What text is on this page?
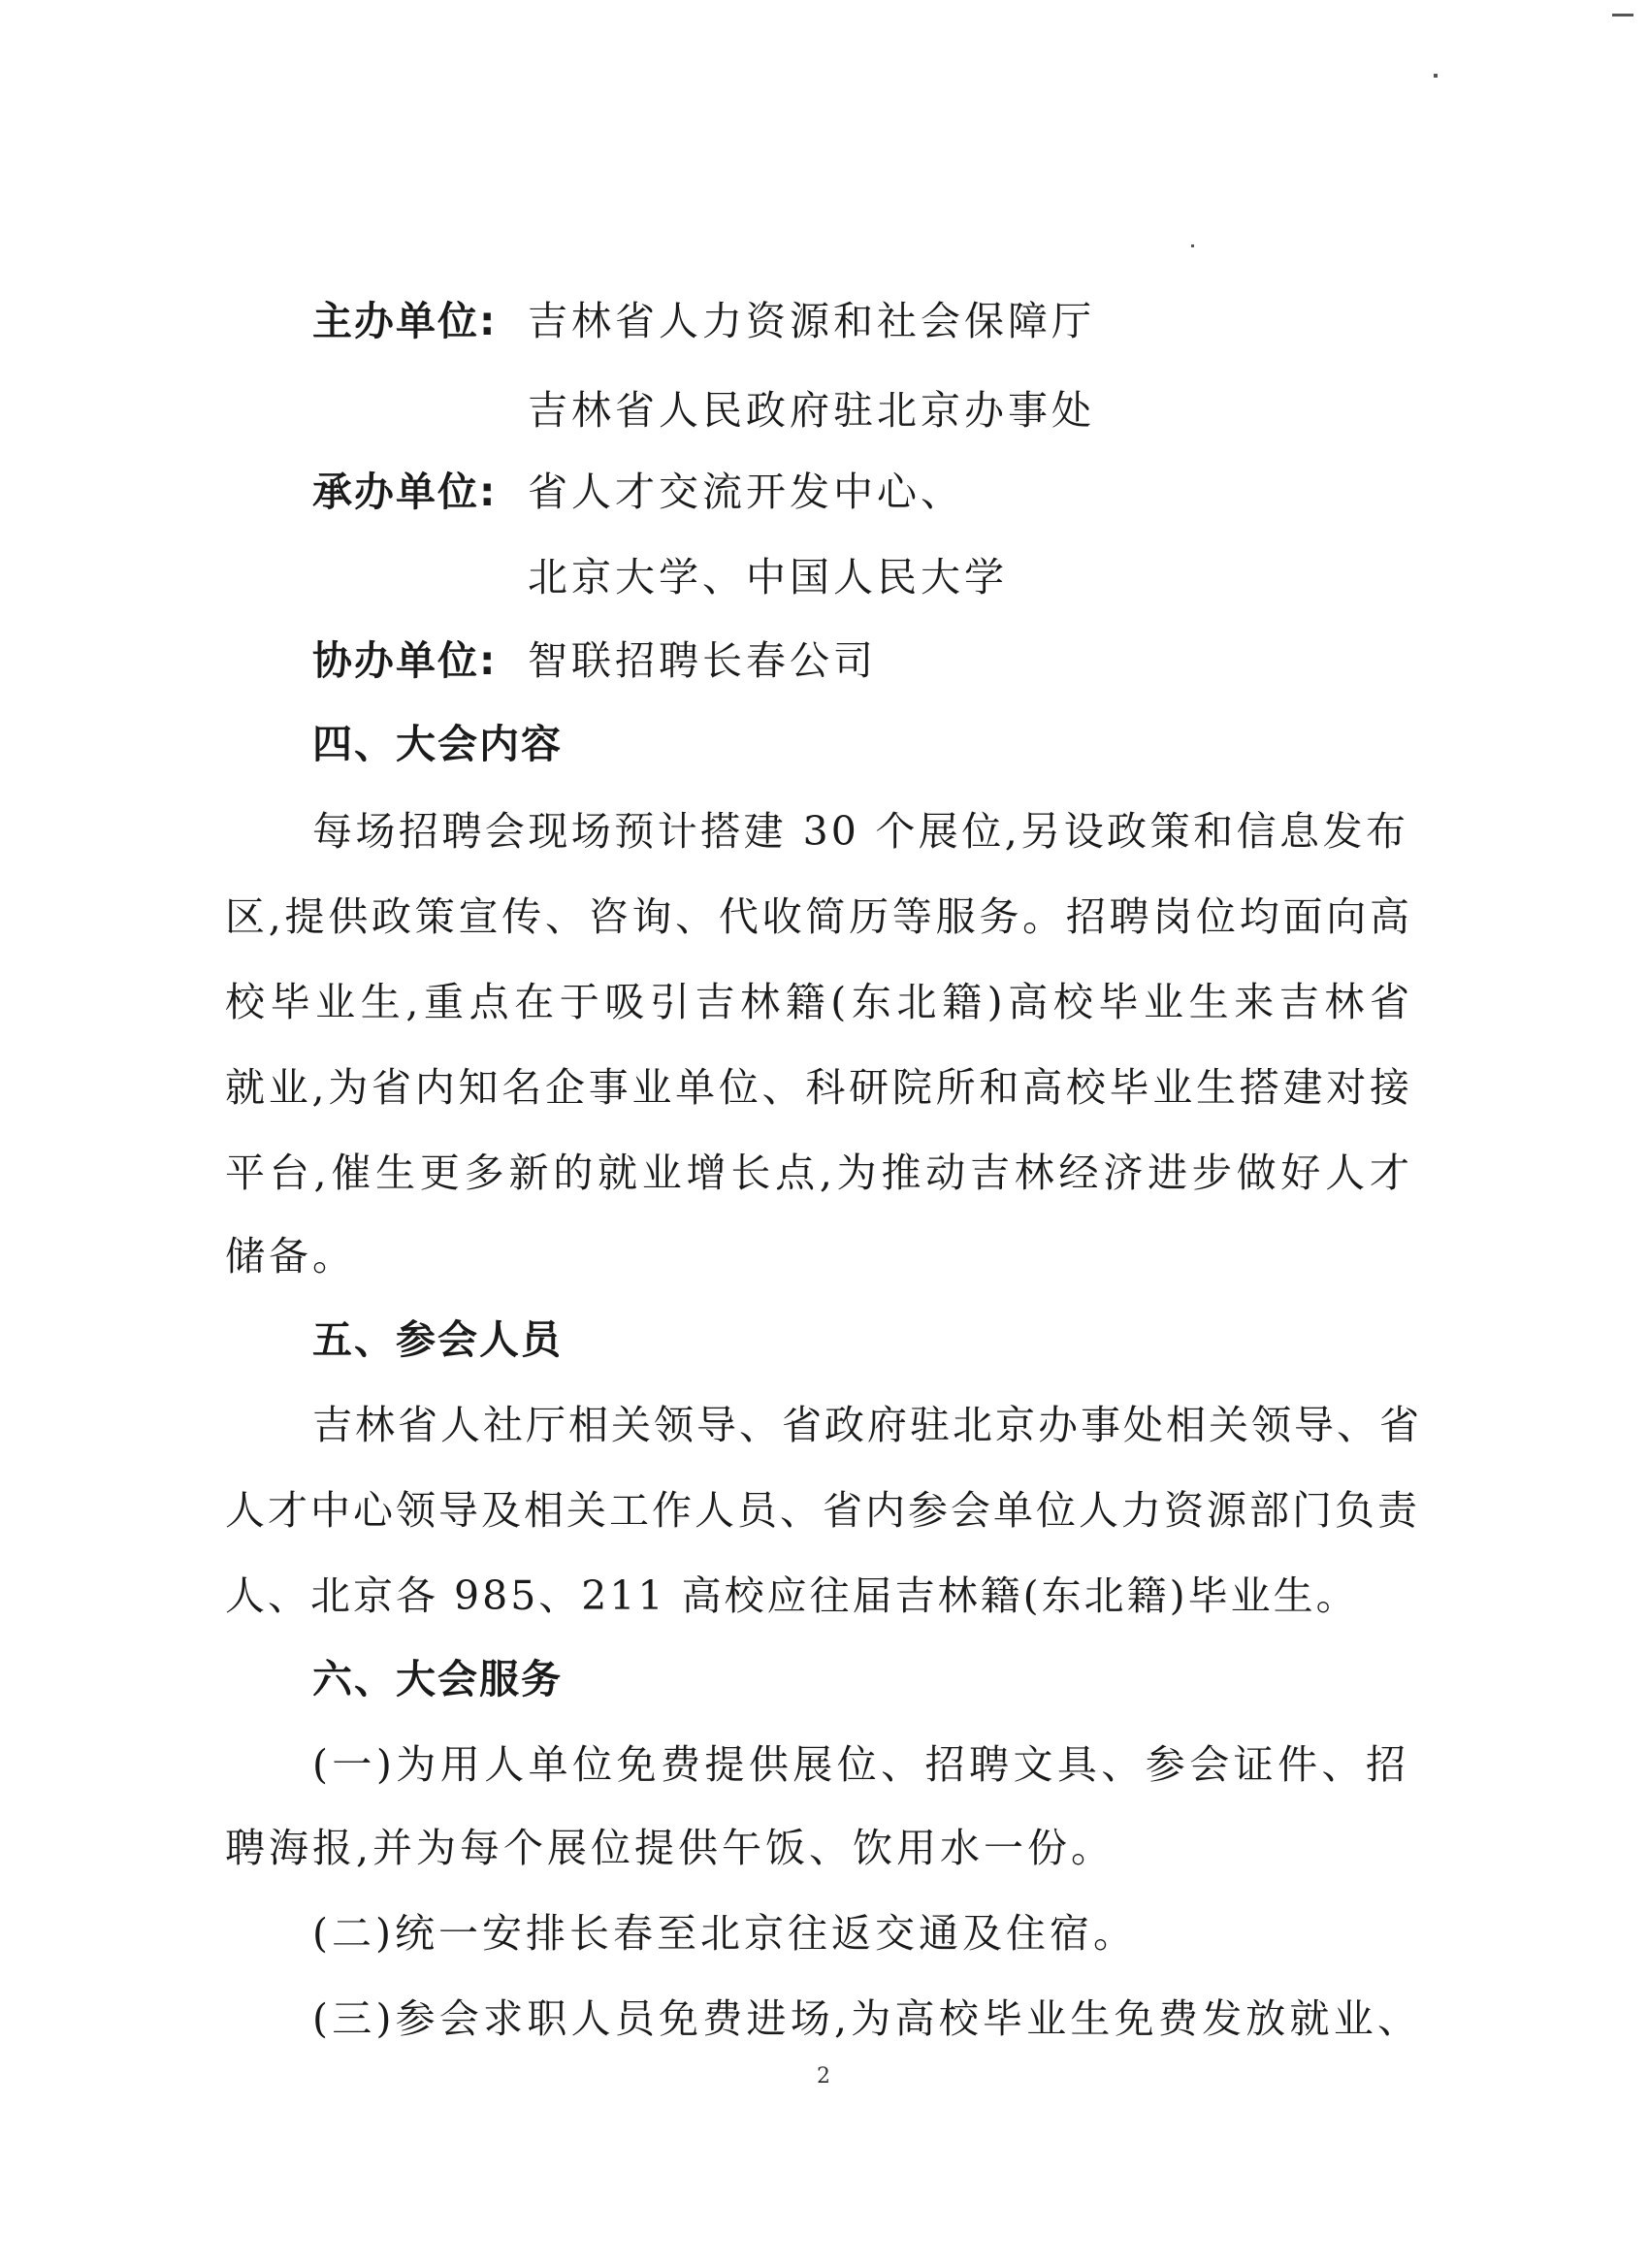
主办单位: 吉林省人力资源和社会保障厅
吉林省人民政府驻北京办事处
承办单位: 省人才交流开发中心、
北京大学、中国人民大学
协办单位: 智联招聘长春公司
四、大会内容
每场招聘会现场预计搭建 30 个展位,另设政策和信息发布
区,提供政策宣传、咨询、代收简历等服务。招聘岗位均面向高
校毕业生,重点在于吸引吉林籍(东北籍)高校毕业生来吉林省
就业,为省内知名企事业单位、科研院所和高校毕业生搭建对接
平台,催生更多新的就业增长点,为推动吉林经济进步做好人才
储备。
五、参会人员
吉林省人社厅相关领导、省政府驻北京办事处相关领导、省
人才中心领导及相关工作人员、省内参会单位人力资源部门负责
人、北京各 985、211 高校应往届吉林籍(东北籍)毕业生。
六、大会服务
(一)为用人单位免费提供展位、招聘文具、参会证件、招
聘海报,并为每个展位提供午饭、饮用水一份。
(二)统一安排长春至北京往返交通及住宿。
(三)参会求职人员免费进场,为高校毕业生免费发放就业、
2
